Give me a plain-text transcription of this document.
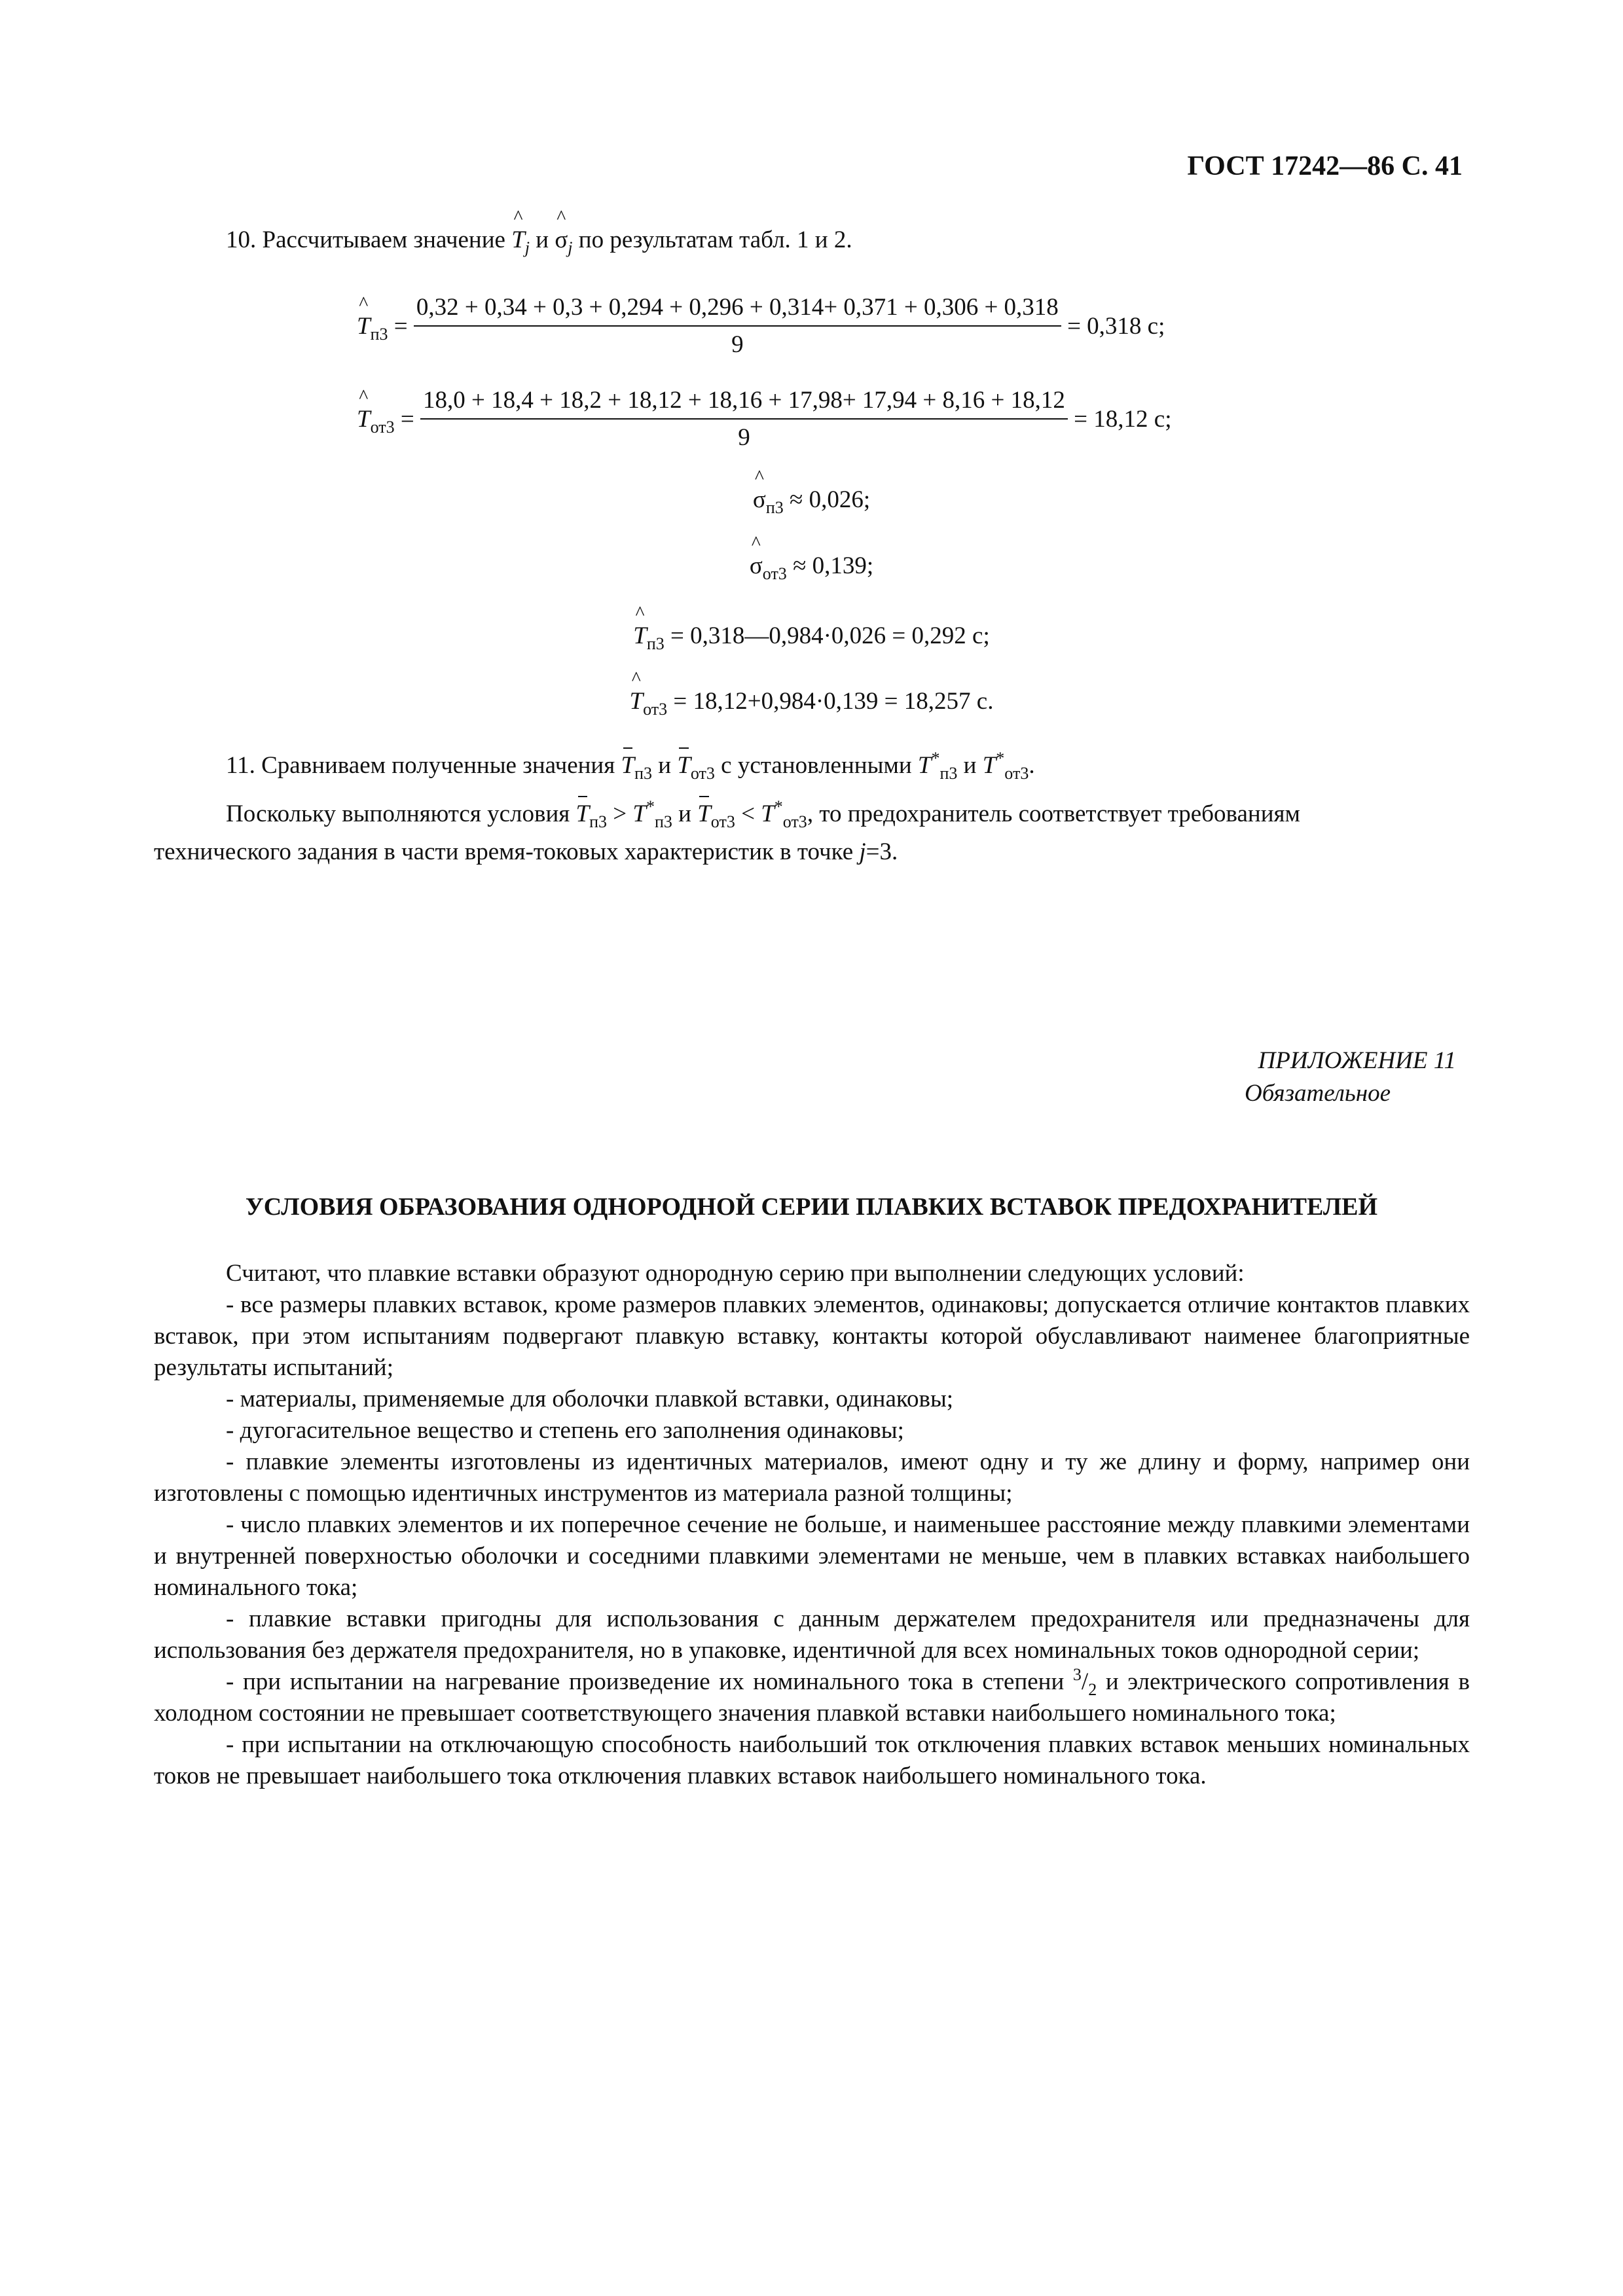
ГОСТ 17242—86 С. 41
10. Рассчитываем значение ^ $T_j$ и ^ $\sigma_j$ по результатам табл. 1 и 2.
^ $T_{п3}$ =
0,32 + 0,34 + 0,3 + 0,294 + 0,296 + 0,314+ 0,371 + 0,306 + 0,318
9
= 0,318 с;
^ $T_{от3}$ =
18,0 + 18,4 + 18,2 + 18,12 + 18,16 + 17,98+ 17,94 + 8,16 + 18,12
9
= 18,12 с;
^ $\sigma_{п3} \approx 0,026$;
^ $\sigma_{от3} \approx 0,139$;
^ $T_{п3}$ = 0,318—0,984·0,026 = 0,292 с;
^ $T_{от3} = 18,12+0,984\cdot 0,139 = 18,257$ с.
11. Сравниваем полученные значения $T_{п3}$ и $T_{от3}$ с установленными $T^*_{п3}$ и $T^*_{от3}$.
Поскольку выполняются условия $T_{п3} > T^*_{п3}$ и $T_{от3} < T^*_{от3}$, то предохранитель соответствует требованиям
технического задания в части время-токовых характеристик в точке j=3.
ПРИЛОЖЕНИЕ 11
Обязательное
УСЛОВИЯ ОБРАЗОВАНИЯ ОДНОРОДНОЙ СЕРИИ ПЛАВКИХ ВСТАВОК ПРЕДОХРАНИТЕЛЕЙ

Считают, что плавкие вставки образуют однородную серию при выполнении следующих условий:

- все размеры плавких вставок, кроме размеров плавких элементов, одинаковы; допускается отличие контактов плавких вставок, при этом испытаниям подвергают плавкую вставку, контакты которой обуславливают наименее благоприятные результаты испытаний;

- материалы, применяемые для оболочки плавкой вставки, одинаковы;

- дугогасительное вещество и степень его заполнения одинаковы;

- плавкие элементы изготовлены из идентичных материалов, имеют одну и ту же длину и форму, например они изготовлены с помощью идентичных инструментов из материала разной толщины;

- число плавких элементов и их поперечное сечение не больше, и наименьшее расстояние между плавкими элементами и внутренней поверхностью оболочки и соседними плавкими элементами не меньше, чем в плавких вставках наибольшего номинального тока;

- плавкие вставки пригодны для использования с данным держателем предохранителя или предназначены для использования без держателя предохранителя, но в упаковке, идентичной для всех номинальных токов однородной серии;

- при испытании на нагревание произведение их номинального тока в степени $^3/_2$ и электрического сопротивления в холодном состоянии не превышает соответствующего значения плавкой вставки наибольшего номинального тока;

- при испытании на отключающую способность наибольший ток отключения плавких вставок меньших номинальных токов не превышает наибольшего тока отключения плавких вставок наибольшего номинального тока.
